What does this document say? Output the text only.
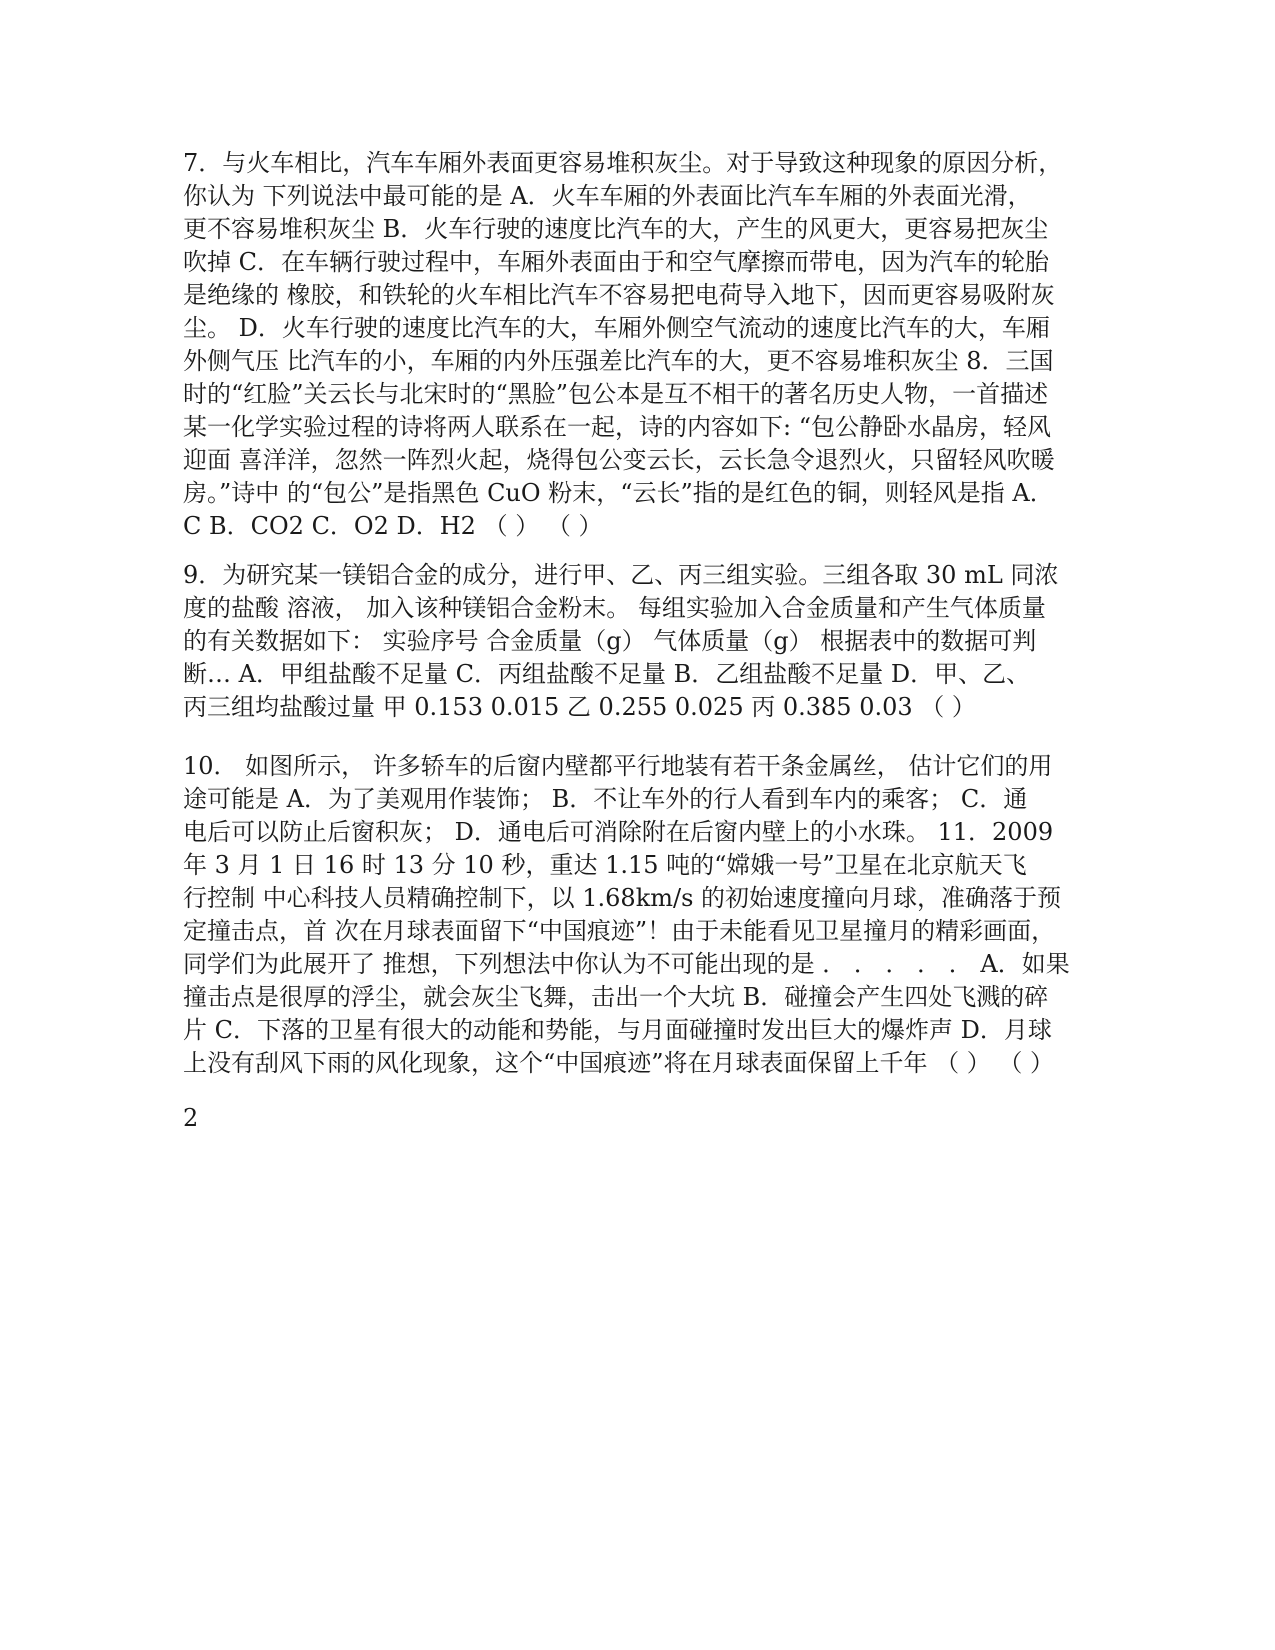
7．与火车相比，汽车车厢外表面更容易堆积灰尘。对于导致这种现象的原因分析，
你认为 下列说法中最可能的是 A．火车车厢的外表面比汽车车厢的外表面光滑，
更不容易堆积灰尘 B．火车行驶的速度比汽车的大，产生的风更大，更容易把灰尘
吹掉 C．在车辆行驶过程中，车厢外表面由于和空气摩擦而带电，因为汽车的轮胎
是绝缘的 橡胶，和铁轮的火车相比汽车不容易把电荷导入地下，因而更容易吸附灰
尘。 D．火车行驶的速度比汽车的大，车厢外侧空气流动的速度比汽车的大，车厢
外侧气压 比汽车的小，车厢的内外压强差比汽车的大，更不容易堆积灰尘 8．三国
时的“红脸”关云长与北宋时的“黑脸”包公本是互不相干的著名历史人物，一首描述
某一化学实验过程的诗将两人联系在一起，诗的内容如下: “包公静卧水晶房，轻风
迎面 喜洋洋，忽然一阵烈火起，烧得包公变云长，云长急令退烈火，只留轻风吹暖
房。”诗中 的“包公”是指黑色 CuO 粉末，“云长”指的是红色的铜，则轻风是指 A．
C B．CO2 C．O2 D．H2 （ ） （ ）
9．为研究某一镁铝合金的成分，进行甲、乙、丙三组实验。三组各取 30 mL 同浓
度的盐酸 溶液， 加入该种镁铝合金粉末。 每组实验加入合金质量和产生气体质量
的有关数据如下： 实验序号 合金质量（g） 气体质量（g） 根据表中的数据可判
断… A．甲组盐酸不足量 C．丙组盐酸不足量 B．乙组盐酸不足量 D．甲、乙、
丙三组均盐酸过量 甲 0.153 0.015 乙 0.255 0.025 丙 0.385 0.03 （ ）
10． 如图所示， 许多轿车的后窗内壁都平行地装有若干条金属丝， 估计它们的用
途可能是 A．为了美观用作装饰； B．不让车外的行人看到车内的乘客； C．通
电后可以防止后窗积灰； D．通电后可消除附在后窗内壁上的小水珠。 11．2009
年 3 月 1 日 16 时 13 分 10 秒，重达 1.15 吨的“嫦娥一号”卫星在北京航天飞
行控制 中心科技人员精确控制下，以 1.68km/s 的初始速度撞向月球，准确落于预
定撞击点，首 次在月球表面留下“中国痕迹”！由于未能看见卫星撞月的精彩画面，
同学们为此展开了 推想，下列想法中你认为不可能出现的是 ． ． ． ． ． A．如果
撞击点是很厚的浮尘，就会灰尘飞舞，击出一个大坑 B．碰撞会产生四处飞溅的碎
片 C．下落的卫星有很大的动能和势能，与月面碰撞时发出巨大的爆炸声 D．月球
上没有刮风下雨的风化现象，这个“中国痕迹”将在月球表面保留上千年 （ ） （ ）
2
